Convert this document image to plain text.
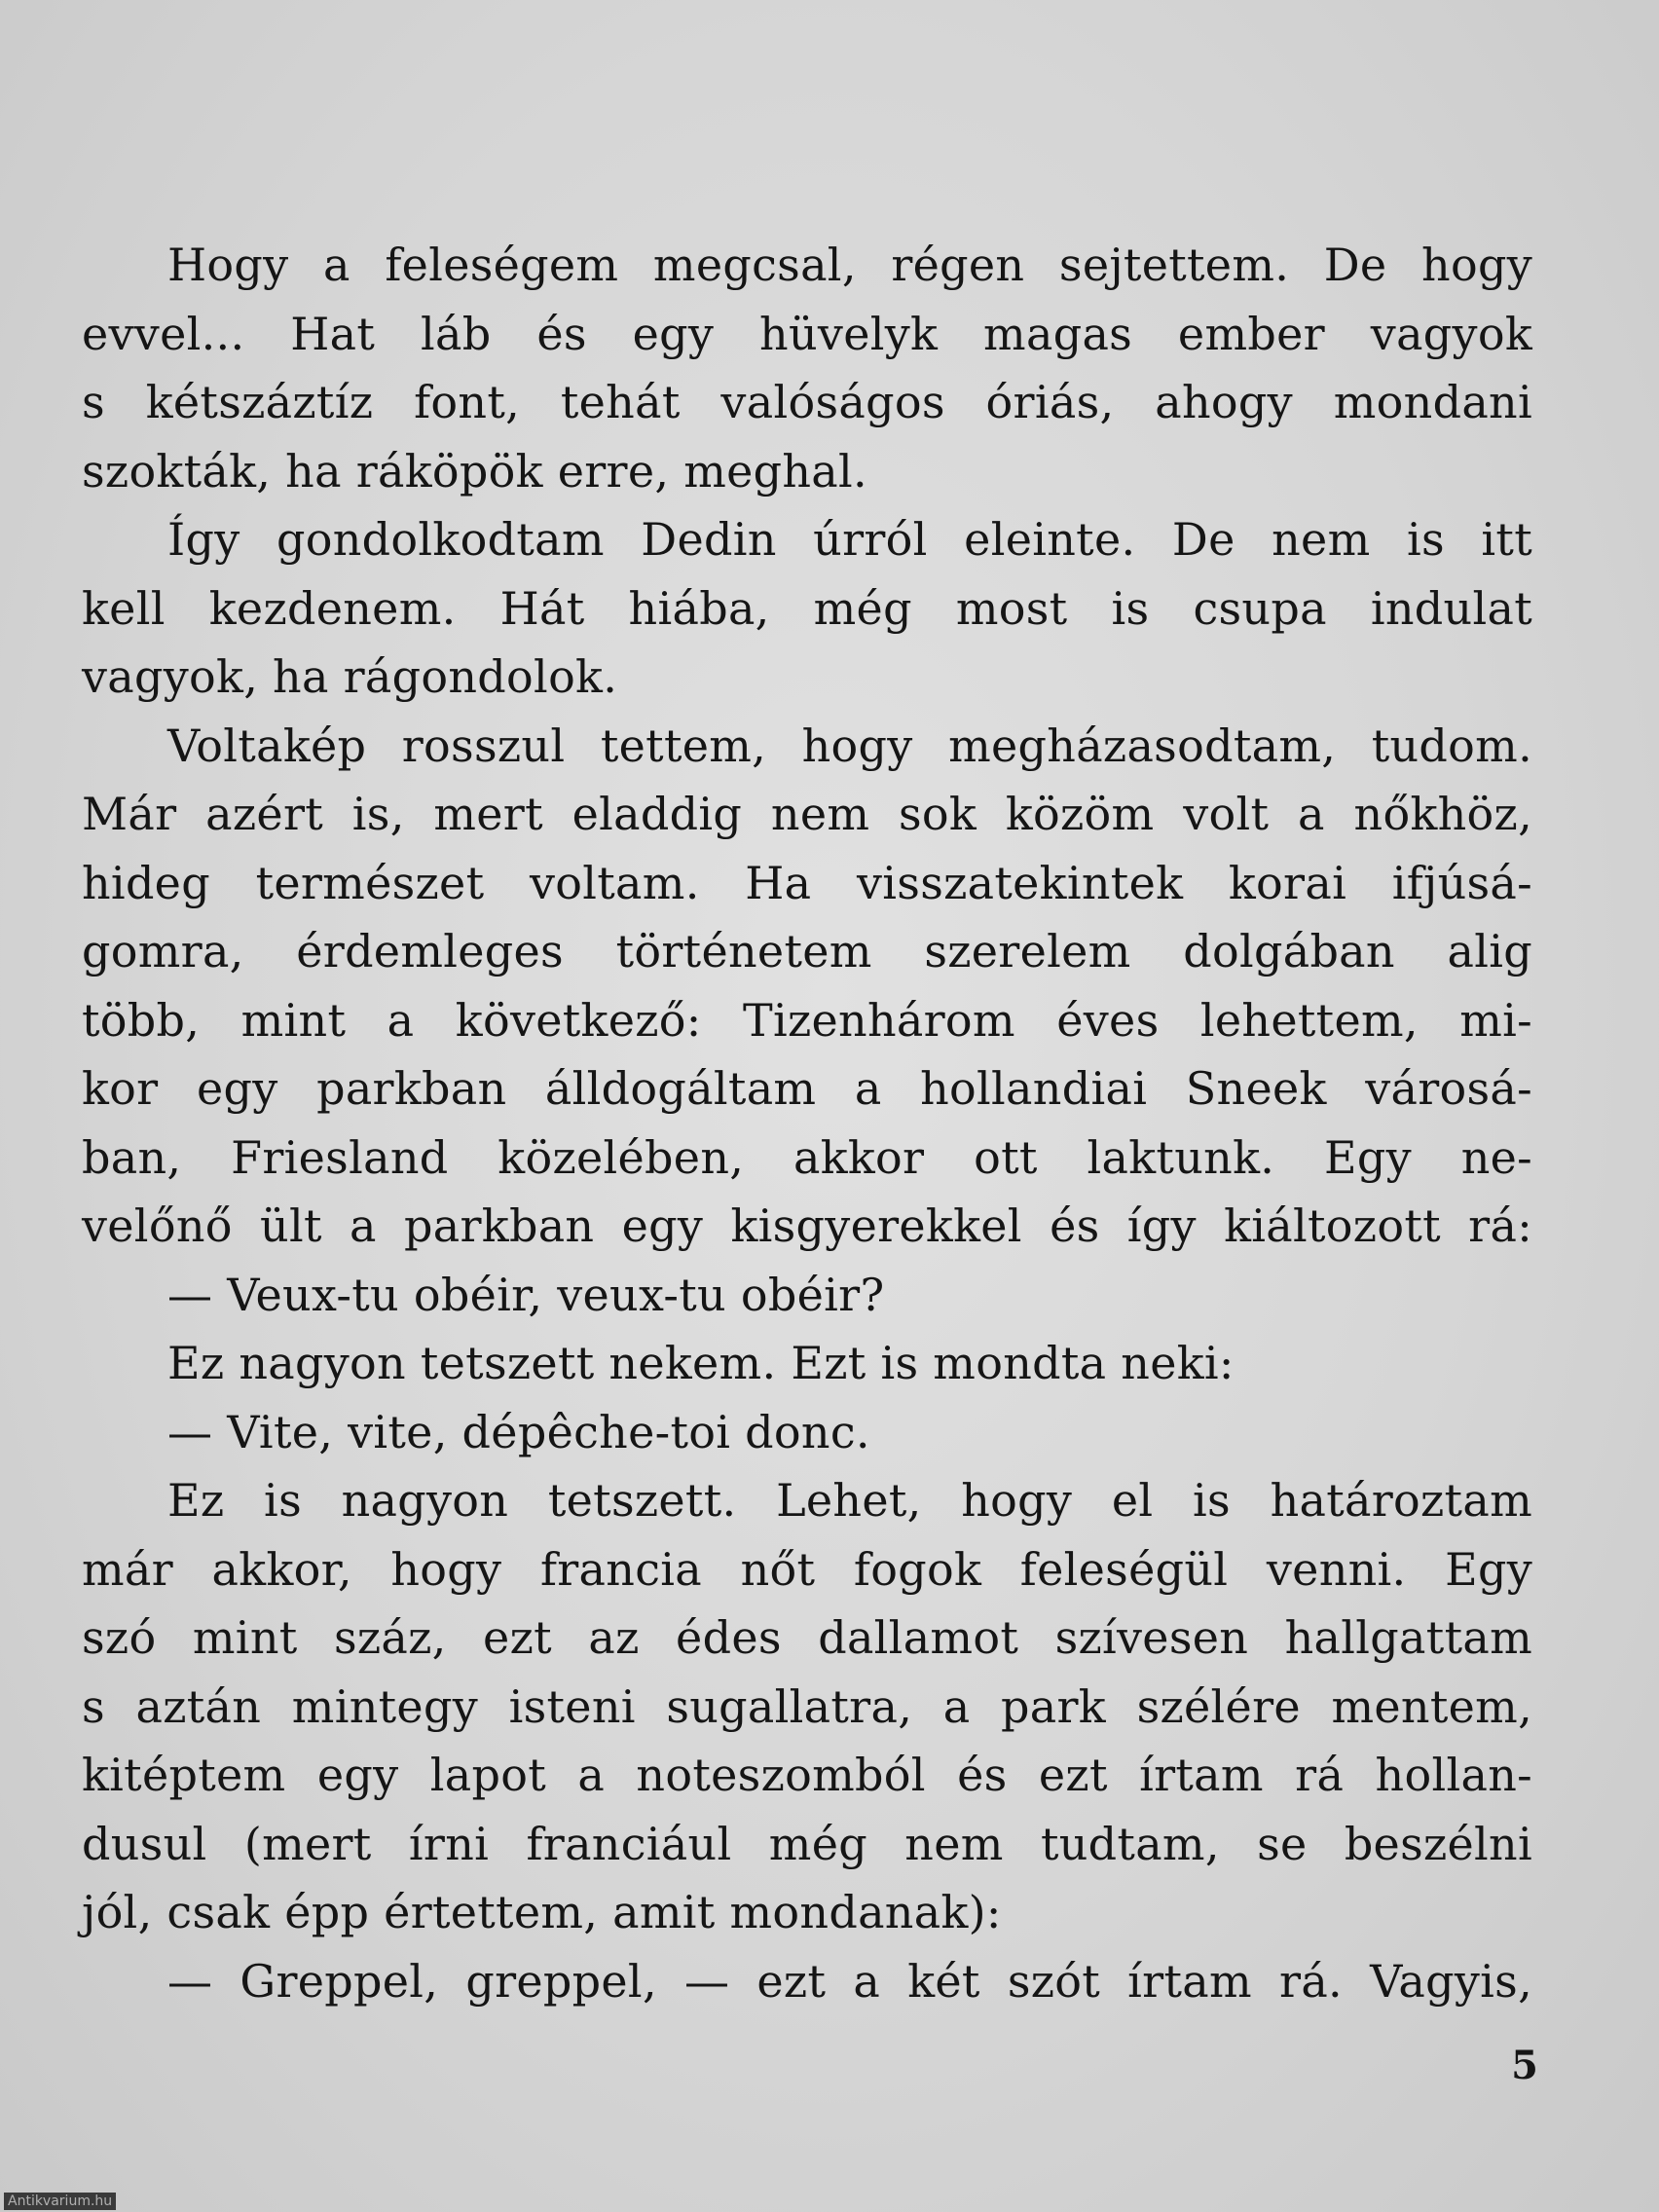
Hogy a feleségem megcsal, régen sejtettem. De hogy
evvel... Hat láb és egy hüvelyk magas ember vagyok
s kétszáztíz font, tehát valóságos óriás, ahogy mondani
szokták, ha ráköpök erre, meghal.
Így gondolkodtam Dedin úrról eleinte. De nem is itt
kell kezdenem. Hát hiába, még most is csupa indulat
vagyok, ha rágondolok.
Voltakép rosszul tettem, hogy megházasodtam, tudom.
Már azért is, mert eladdig nem sok közöm volt a nőkhöz,
hideg természet voltam. Ha visszatekintek korai ifjúsá-
gomra, érdemleges történetem szerelem dolgában alig
több, mint a következő: Tizenhárom éves lehettem, mi-
kor egy parkban álldogáltam a hollandiai Sneek városá-
ban, Friesland közelében, akkor ott laktunk. Egy ne-
velőnő ült a parkban egy kisgyerekkel és így kiáltozott rá:
— Veux-tu obéir, veux-tu obéir?
Ez nagyon tetszett nekem. Ezt is mondta neki:
— Vite, vite, dépêche-toi donc.
Ez is nagyon tetszett. Lehet, hogy el is határoztam
már akkor, hogy francia nőt fogok feleségül venni. Egy
szó mint száz, ezt az édes dallamot szívesen hallgattam
s aztán mintegy isteni sugallatra, a park szélére mentem,
kitéptem egy lapot a noteszomból és ezt írtam rá hollan-
dusul (mert írni franciául még nem tudtam, se beszélni
jól, csak épp értettem, amit mondanak):
— Greppel, greppel, — ezt a két szót írtam rá. Vagyis,
5
Antikvarium.hu
